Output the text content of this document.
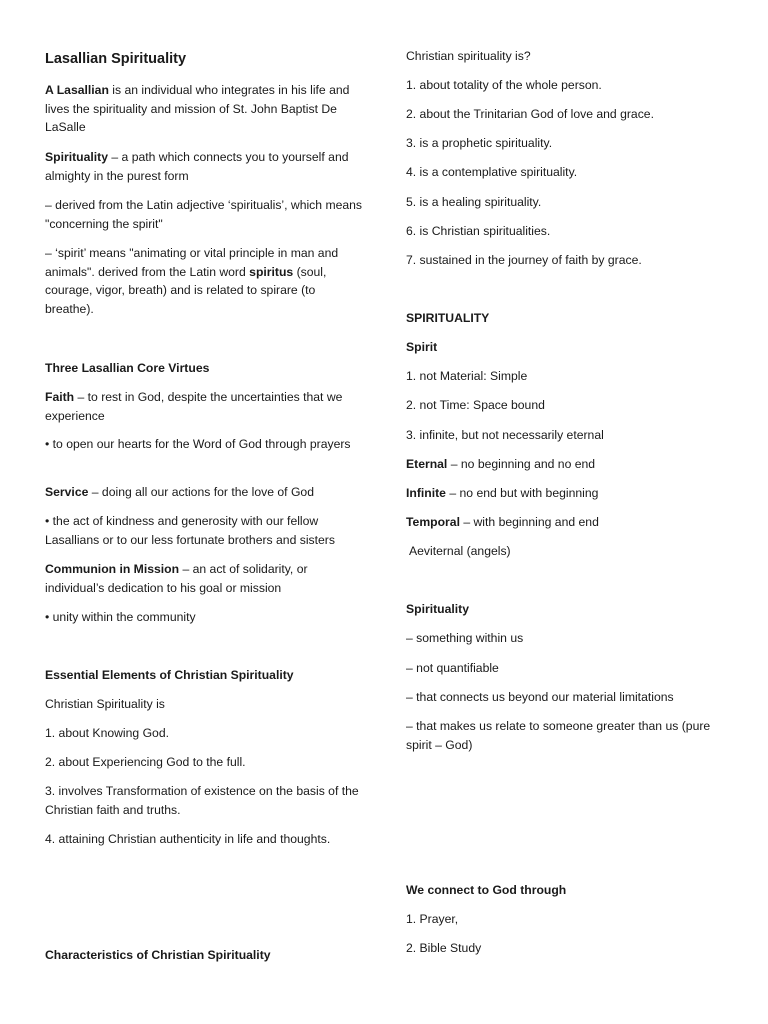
Lasallian Spirituality
A Lasallian is an individual who integrates in his life and lives the spirituality and mission of St. John Baptist De LaSalle
Spirituality – a path which connects you to yourself and almighty in the purest form
– derived from the Latin adjective ‘spiritualis’, which means "concerning the spirit"
– ‘spirit’ means "animating or vital principle in man and animals". derived from the Latin word spiritus (soul, courage, vigor, breath) and is related to spirare (to breathe).
Three Lasallian Core Virtues
Faith – to rest in God, despite the uncertainties that we experience
• to open our hearts for the Word of God through prayers
Service – doing all our actions for the love of God
• the act of kindness and generosity with our fellow Lasallians or to our less fortunate brothers and sisters
Communion in Mission – an act of solidarity, or individual’s dedication to his goal or mission
• unity within the community
Essential Elements of Christian Spirituality
Christian Spirituality is
1. about Knowing God.
2. about Experiencing God to the full.
3. involves Transformation of existence on the basis of the Christian faith and truths.
4. attaining Christian authenticity in life and thoughts.
Characteristics of Christian Spirituality
Christian spirituality is?
1. about totality of the whole person.
2. about the Trinitarian God of love and grace.
3. is a prophetic spirituality.
4. is a contemplative spirituality.
5. is a healing spirituality.
6. is Christian spiritualities.
7. sustained in the journey of faith by grace.
SPIRITUALITY
Spirit
1. not Material: Simple
2. not Time: Space bound
3. infinite, but not necessarily eternal
Eternal – no beginning and no end
Infinite – no end but with beginning
Temporal – with beginning and end
Aeviternal (angels)
Spirituality
– something within us
– not quantifiable
– that connects us beyond our material limitations
– that makes us relate to someone greater than us (pure spirit – God)
We connect to God through
1. Prayer,
2. Bible Study
